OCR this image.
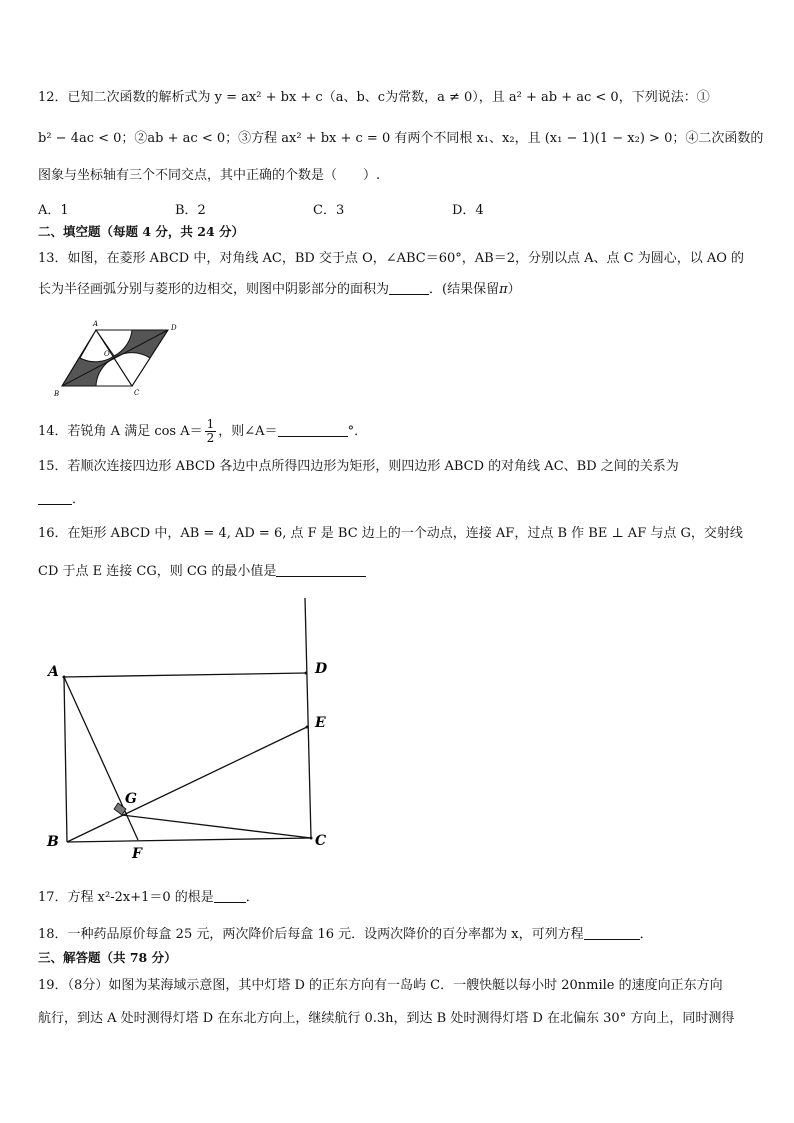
12．已知二次函数的解析式为 y = ax² + bx + c（a、b、c为常数，a ≠ 0），且 a² + ab + ac < 0，下列说法：①
b² − 4ac < 0；②ab + ac < 0；③方程 ax² + bx + c = 0 有两个不同根 x₁、x₂，且 (x₁ − 1)(1 − x₂) > 0；④二次函数的
图象与坐标轴有三个不同交点，其中正确的个数是（　　）.
A．1	B．2	C．3	D．4
二、填空题（每题 4 分，共 24 分）
13．如图，在菱形 ABCD 中，对角线 AC，BD 交于点 O，∠ABC＝60°，AB＝2，分别以点 A、点 C 为圆心，以 AO 的
长为半径画弧分别与菱形的边相交，则图中阴影部分的面积为	．(结果保留π）
A	D
O
B	C
14．若锐角 A 满足 $\cos A= \frac{1}{2}$ ，则∠A＝	°．
15．若顺次连接四边形 ABCD 各边中点所得四边形为矩形，则四边形 ABCD 的对角线 AC、BD 之间的关系为
．
16．在矩形 ABCD 中，AB = 4, AD = 6, 点 F 是 BC 边上的一个动点，连接 AF，过点 B 作 BE ⊥ AF 与点 G，交射线
CD 于点 E 连接 CG，则 CG 的最小值是
A	D
E
G
B
F
C
17．方程 x²-2x+1＝0 的根是 ．
18．一种药品原价每盒 25 元，两次降价后每盒 16 元．设两次降价的百分率都为 x，可列方程	．
三、解答题（共 78 分）
19．（8分）如图为某海域示意图，其中灯塔 D 的正东方向有一岛屿 C．一艘快艇以每小时 20nmile 的速度向正东方向
航行，到达 A 处时测得灯塔 D 在东北方向上，继续航行 0.3h，到达 B 处时测得灯塔 D 在北偏东 30° 方向上，同时测得
